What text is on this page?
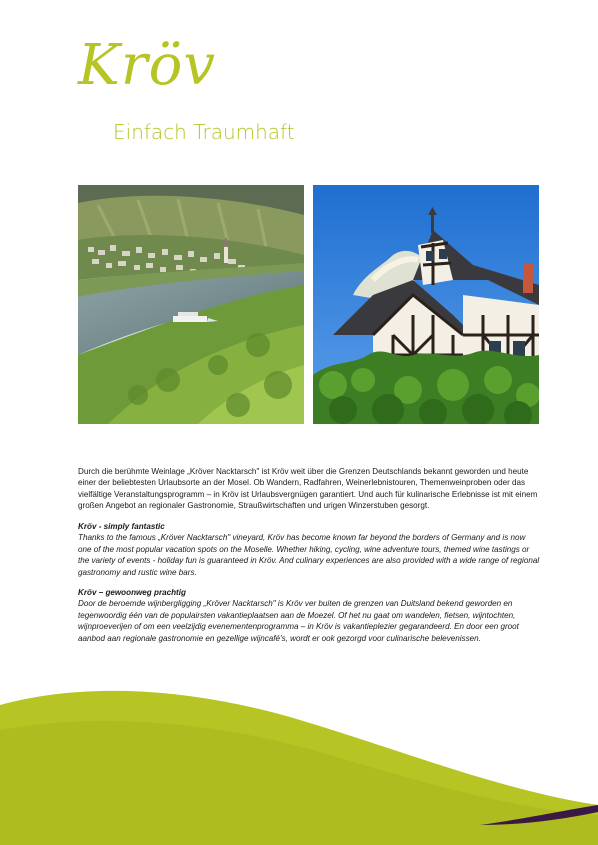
Kröv
Einfach Traumhaft

Durch die berühmte Weinlage „Kröver Nacktarsch" ist Kröv weit über die Grenzen Deutschlands bekannt geworden und heute einer der beliebtesten Urlaubsorte an der Mosel. Ob Wandern, Radfahren, Weinerlebnistouren, Themenweinproben oder das vielfältige Veranstaltungsprogramm – in Kröv ist Urlaubsvergnügen garantiert. Und auch für kulinarische Erlebnisse ist mit einem großen Angebot an regionaler Gastronomie, Straußwirtschaften und urigen Winzerstuben gesorgt.

Kröv - simply fantastic

Thanks to the famous „Kröver Nacktarsch" vineyard, Kröv has become known far beyond the borders of Germany and is now one of the most popular vacation spots on the Moselle. Whether hiking, cycling, wine adventure tours, themed wine tastings or the variety of events - holiday fun is guaranteed in Kröv. And culinary experiences are also provided with a wide range of regional gastronomy and rustic wine bars.

Kröv – gewoonweg prachtig

Door de beroemde wijnbergligging „Kröver Nacktarsch" is Kröv ver buiten de grenzen van Duitsland bekend geworden en tegenwoordig één van de populairsten vakantieplaatsen aan de Moezel. Of het nu gaat om wandelen, fietsen, wijntochten, wijnproeverijen of om een veelzijdig evenementenprogramma – in Kröv is vakantieplezier gegarandeerd. En door een groot aanbod aan regionale gastronomie en gezellige wijncafé's, wordt er ook gezorgd voor culinarische belevenissen.
